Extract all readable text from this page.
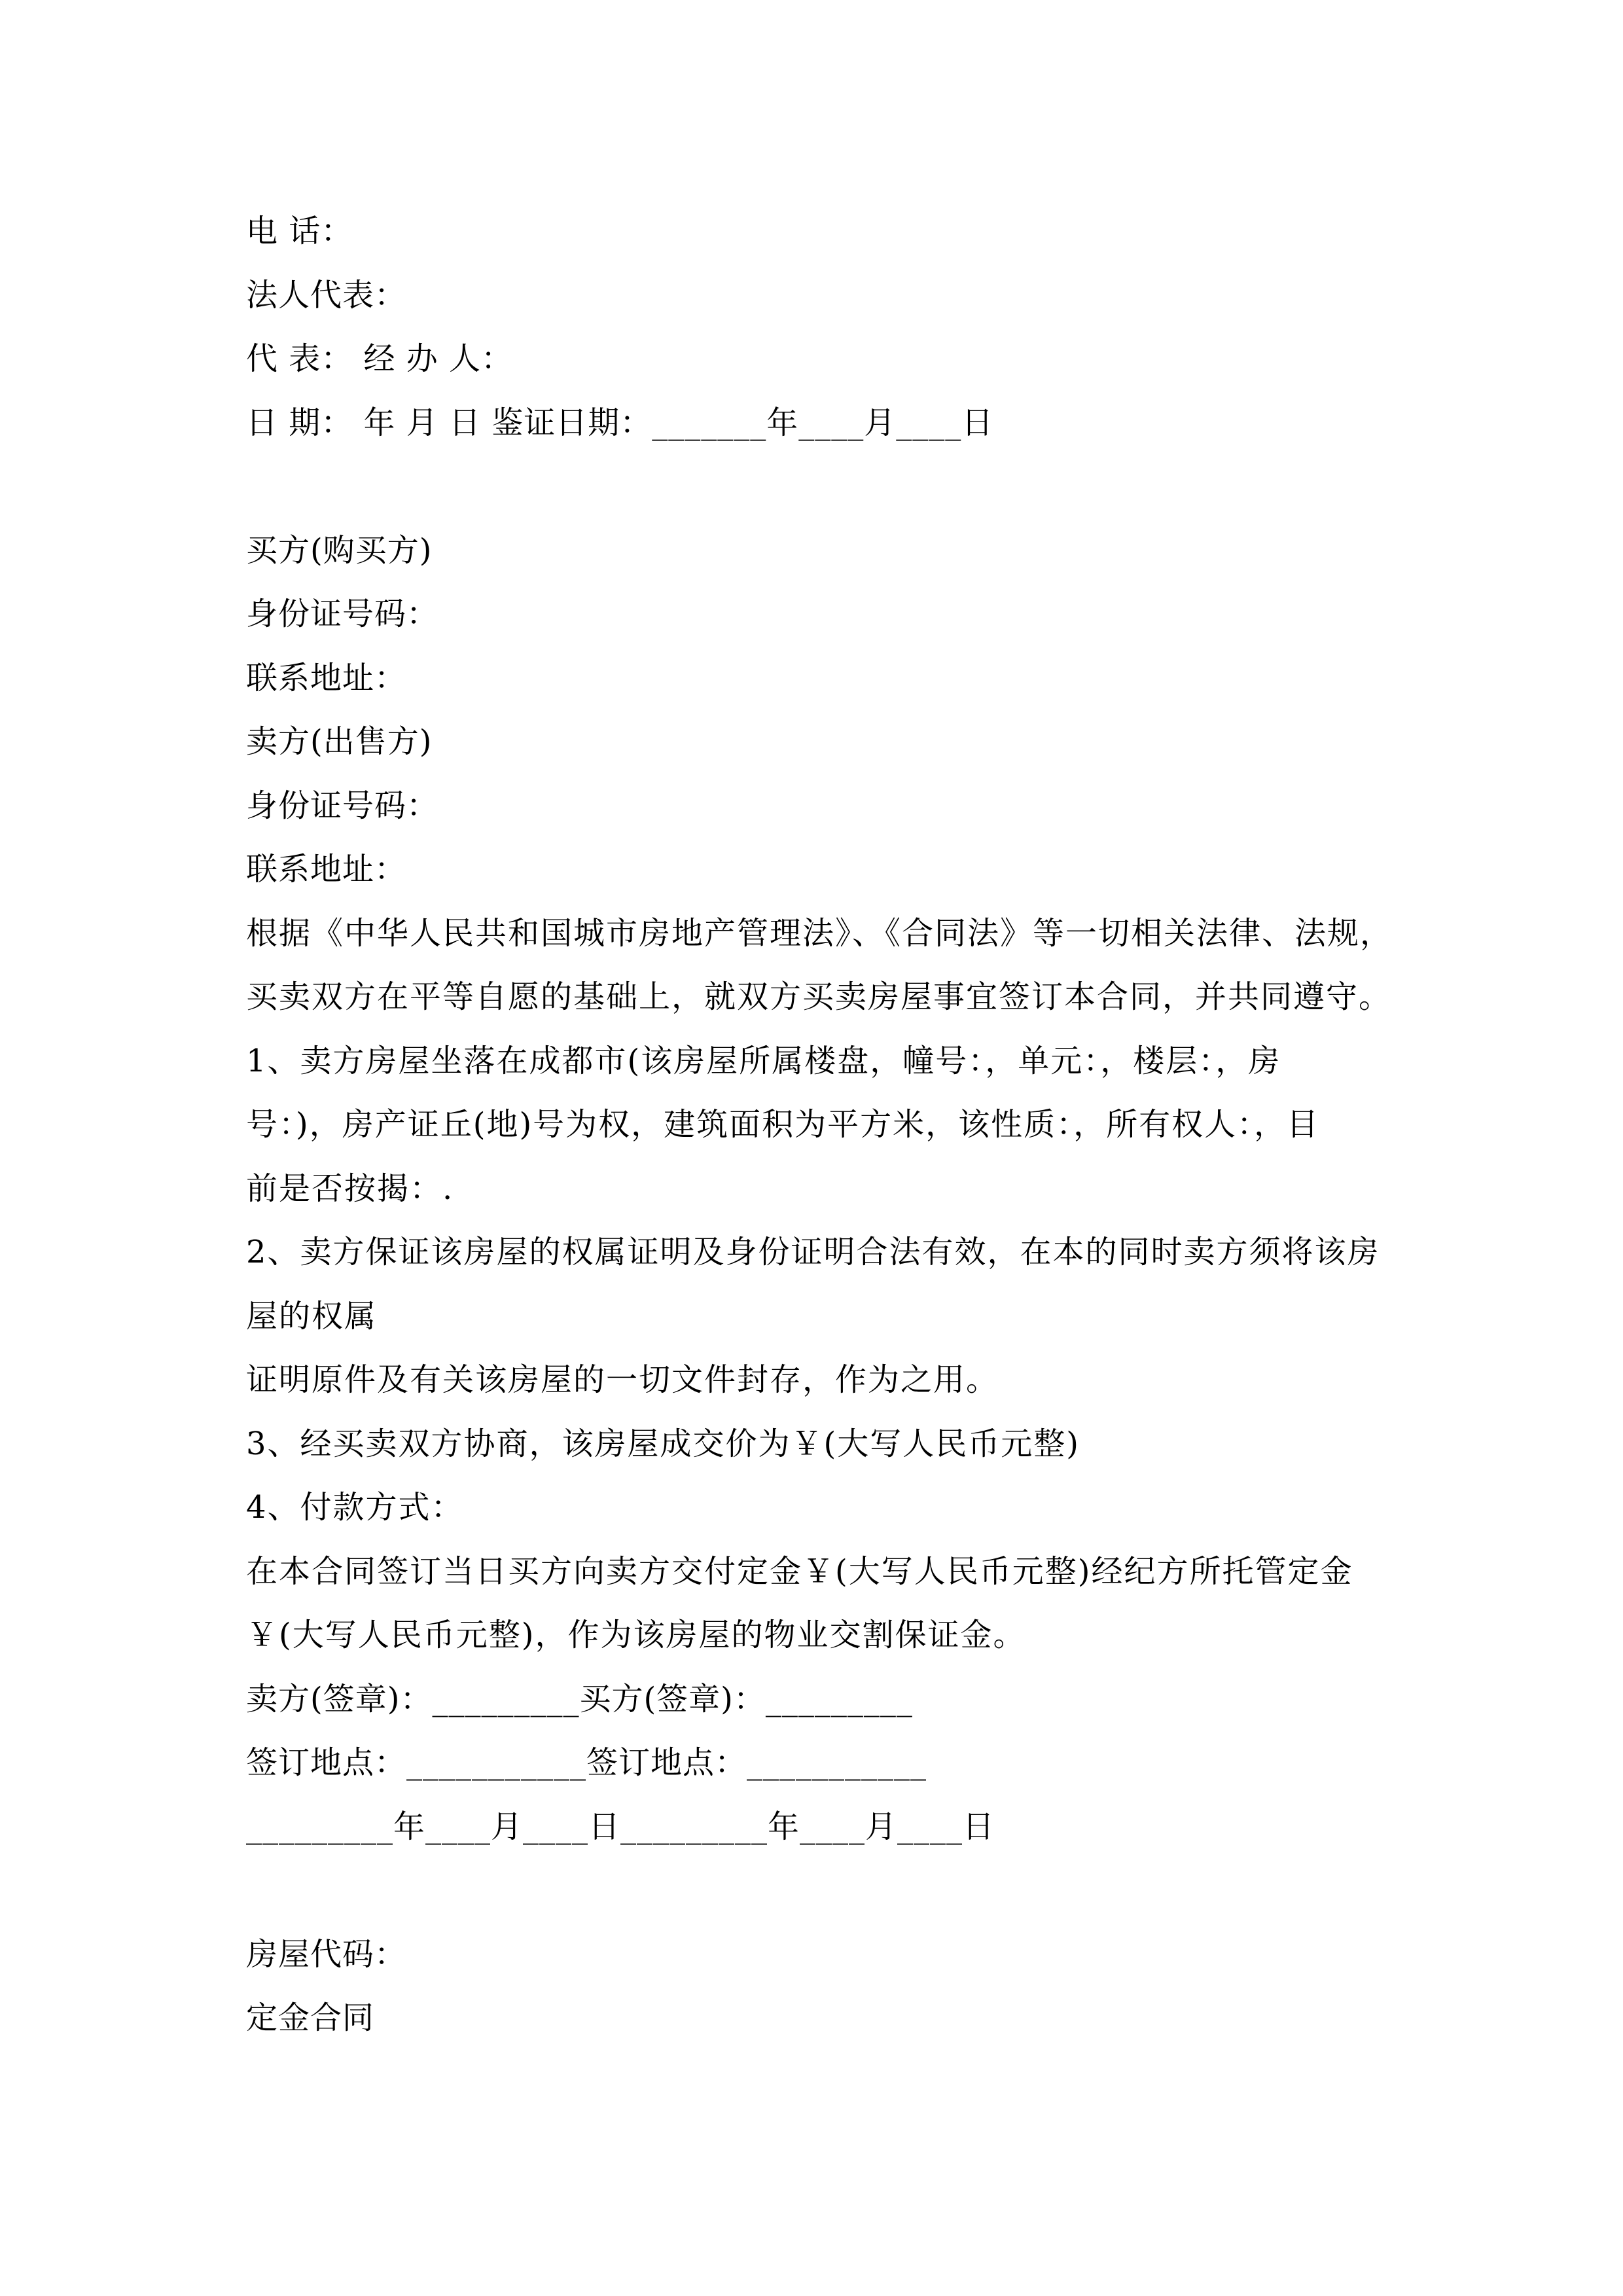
电 话：
法人代表：
代 表： 经 办 人：
日 期： 年 月 日 鉴证日期：_______年____月____日
买方(购买方)
身份证号码：
联系地址：
卖方(出售方)
身份证号码：
联系地址：
根据《中华人民共和国城市房地产管理法》、《合同法》等一切相关法律、法规，
买卖双方在平等自愿的基础上，就双方买卖房屋事宜签订本合同，并共同遵守。
1、卖方房屋坐落在成都市(该房屋所属楼盘，幢号：，单元：，楼层：，房
号：)，房产证丘(地)号为权，建筑面积为平方米，该性质：，所有权人：，目
前是否按揭：.
2、卖方保证该房屋的权属证明及身份证明合法有效，在本的同时卖方须将该房
屋的权属
证明原件及有关该房屋的一切文件封存，作为之用。
3、经买卖双方协商，该房屋成交价为￥(大写人民币元整)
4、付款方式：
在本合同签订当日买方向卖方交付定金￥(大写人民币元整)经纪方所托管定金
￥(大写人民币元整)，作为该房屋的物业交割保证金。
卖方(签章)：_________买方(签章)：_________
签订地点：___________签订地点：___________
_________年____月____日_________年____月____日
房屋代码：
定金合同
